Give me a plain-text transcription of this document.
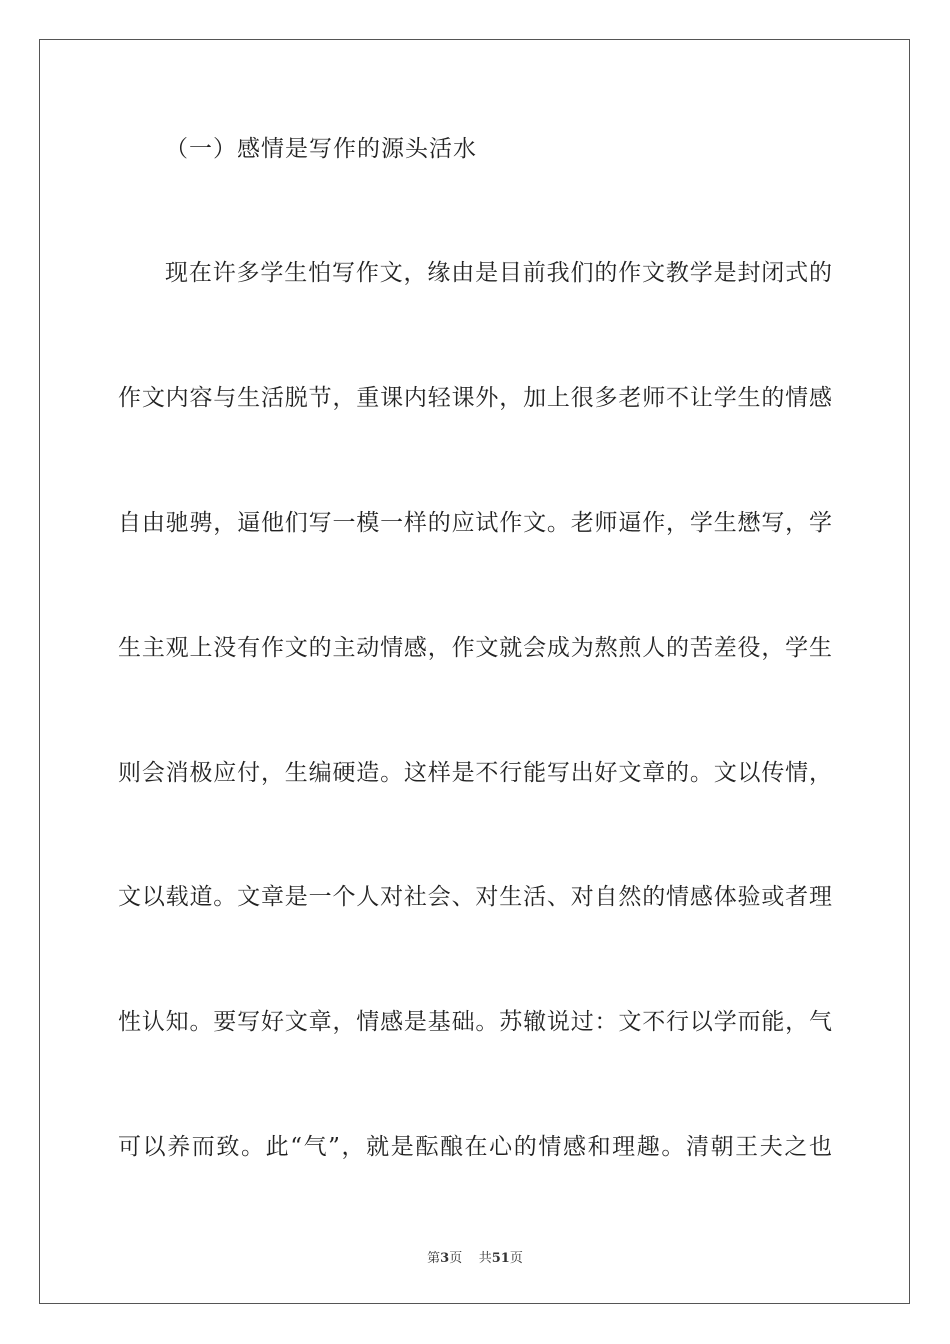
（一）感情是写作的源头活水
现在许多学生怕写作文，缘由是目前我们的作文教学是封闭式的
作文内容与生活脱节，重课内轻课外，加上很多老师不让学生的情感
自由驰骋，逼他们写一模一样的应试作文。老师逼作，学生懋写，学
生主观上没有作文的主动情感，作文就会成为熬煎人的苦差役，学生
则会消极应付，生编硬造。这样是不行能写出好文章的。文以传情，
文以载道。文章是一个人对社会、对生活、对自然的情感体验或者理
性认知。要写好文章，情感是基础。苏辙说过：文不行以学而能，气
可以养而致。此“气”，就是酝酿在心的情感和理趣。清朝王夫之也
第3页 共51页
